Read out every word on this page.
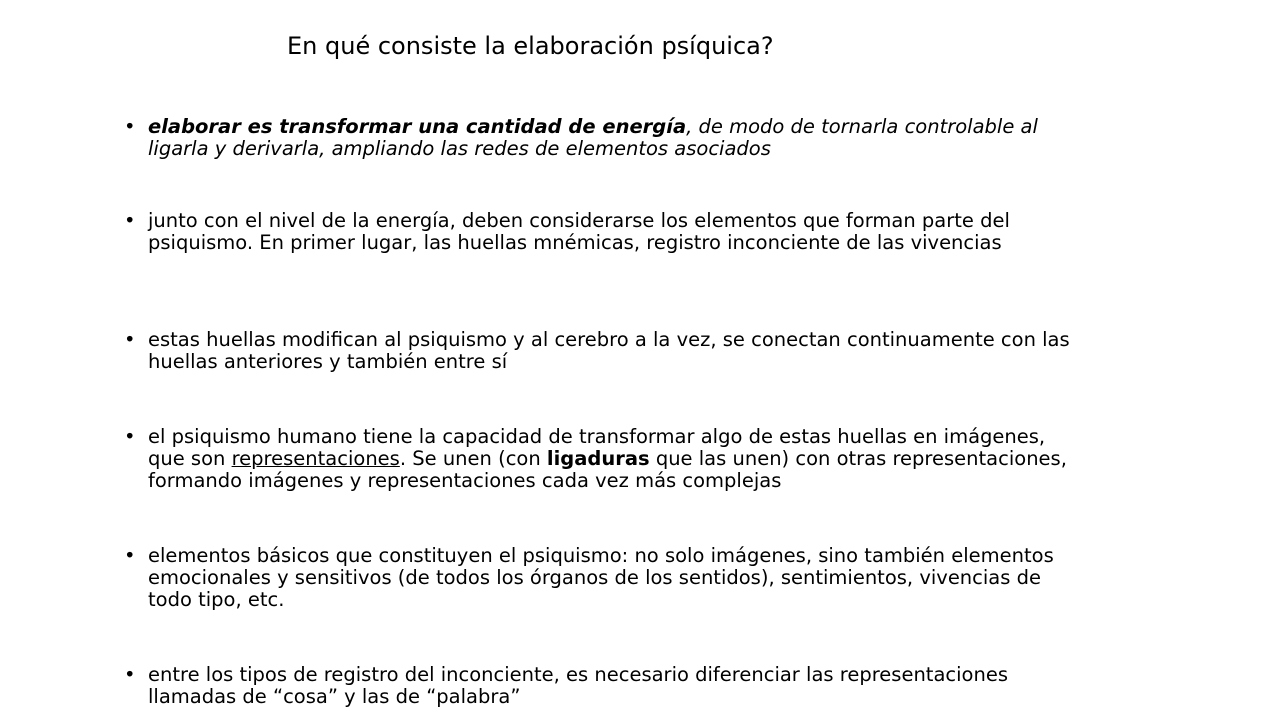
En qué consiste la elaboración psíquica?
• elaborar es transformar una cantidad de energía, de modo de tornarla controlable al ligarla y derivarla, ampliando las redes de elementos asociados
• junto con el nivel de la energía, deben considerarse los elementos que forman parte del psiquismo. En primer lugar, las huellas mnémicas, registro inconciente de las vivencias
• estas huellas modifican al psiquismo y al cerebro a la vez, se conectan continuamente con las huellas anteriores y también entre sí
• el psiquismo humano tiene la capacidad de transformar algo de estas huellas en imágenes, que son representaciones. Se unen (con ligaduras que las unen) con otras representaciones, formando imágenes y representaciones cada vez más complejas
• elementos básicos que constituyen el psiquismo: no solo imágenes, sino también elementos emocionales y sensitivos (de todos los órganos de los sentidos), sentimientos, vivencias de todo tipo, etc.
• entre los tipos de registro del inconciente, es necesario diferenciar las representaciones llamadas de “cosa” y las de “palabra”
